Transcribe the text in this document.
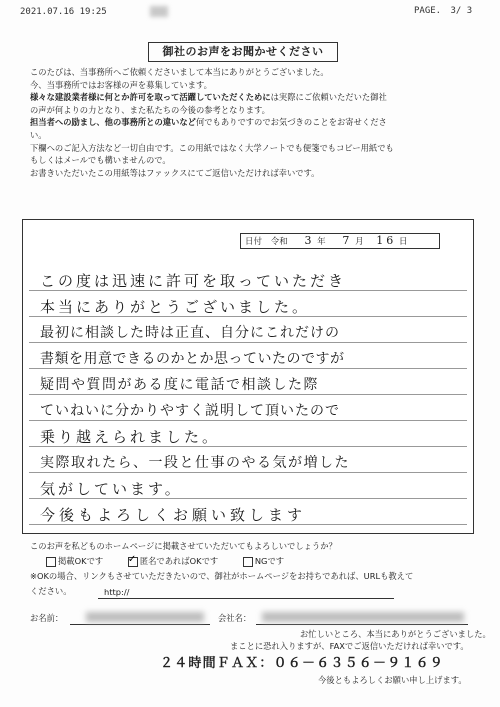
2021.07.16 19:25	PAGE. 3/ 3
御社のお声をお聞かせください
このたびは、当事務所へご依頼くださいまして本当にありがとうございました。
今、当事務所ではお客様の声を募集しています。
様々な建設業者様に何とか許可を取って活躍していただくためには実際にご依頼いただいた御社
の声が何よりの力となり、また私たちの今後の参考となります。
担当者への励まし、他の事務所との違いなど何でもありですのでお気づきのことをお寄せくださ
い。
下欄へのご記入方法など一切自由です。この用紙ではなく大学ノートでも便箋でもコピー用紙でも
もしくはメールでも構いませんので。
お書きいただいたこの用紙等はファックスにてご返信いただければ幸いです。
日付 令和 3 年 7 月 16 日
この度は迅速に許可を取っていただき
本当にありがとうございました。
最初に相談した時は正直、自分にこれだけの
書類を用意できるのかとか思っていたのですが
疑問や質問がある度に電話で相談した際
ていねいに分かりやすく説明して頂いたので
乗り越えられました。
実際取れたら、一段と仕事のやる気が増した
気がしています。
今後もよろしくお願い致します
このお声を私どものホームページに掲載させていただいてもよろしいでしょうか？
掲載OKです ✓	匿名であればOKです	NGです
※OKの場合、リンクもさせていただきたいので、御社がホームページをお持ちであれば、URLも教えて
ください。	http://
お名前：	会社名：
お忙しいところ、本当にありがとうございました。
まことに恐れ入りますが、FAXでご返信いただければ幸いです。
２４時間ＦＡＸ：０６－６３５６－９１６９
今後ともよろしくお願い申し上げます。
